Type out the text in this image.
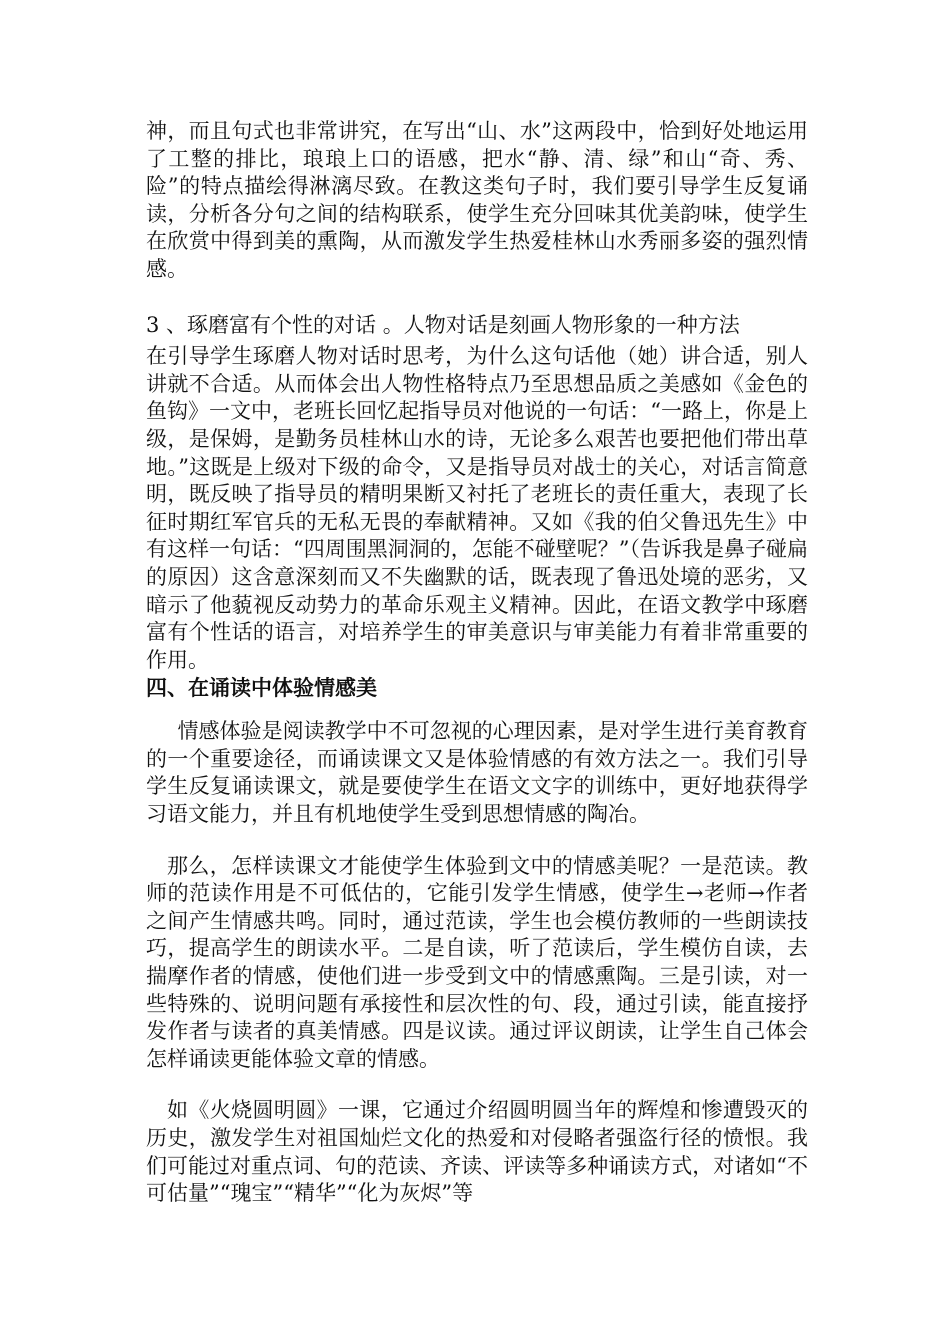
神，而且句式也非常讲究，在写出“山、水”这两段中，恰到好处地运用了工整的排比，琅琅上口的语感，把水“静、清、绿”和山“奇、秀、险”的特点描绘得淋漓尽致。在教这类句子时，我们要引导学生反复诵读，分析各分句之间的结构联系，使学生充分回味其优美韵味，使学生在欣赏中得到美的熏陶，从而激发学生热爱桂林山水秀丽多姿的强烈情感。

3 、琢磨富有个性的对话 。人物对话是刻画人物形象的一种方法

在引导学生琢磨人物对话时思考，为什么这句话他（她）讲合适，别人讲就不合适。从而体会出人物性格特点乃至思想品质之美感如《金色的鱼钩》一文中，老班长回忆起指导员对他说的一句话：“一路上，你是上级，是保姆，是勤务员桂林山水的诗，无论多么艰苦也要把他们带出草地。”这既是上级对下级的命令，又是指导员对战士的关心，对话言简意明，既反映了指导员的精明果断又衬托了老班长的责任重大，表现了长征时期红军官兵的无私无畏的奉献精神。又如《我的伯父鲁迅先生》中有这样一句话：“四周围黑洞洞的，怎能不碰壁呢？”（告诉我是鼻子碰扁的原因）这含意深刻而又不失幽默的话，既表现了鲁迅处境的恶劣，又暗示了他藐视反动势力的革命乐观主义精神。因此，在语文教学中琢磨富有个性话的语言，对培养学生的审美意识与审美能力有着非常重要的作用。

四、在诵读中体验情感美

情感体验是阅读教学中不可忽视的心理因素，是对学生进行美育教育的一个重要途径，而诵读课文又是体验情感的有效方法之一。我们引导学生反复诵读课文，就是要使学生在语文文字的训练中，更好地获得学习语文能力，并且有机地使学生受到思想情感的陶冶。

那么，怎样读课文才能使学生体验到文中的情感美呢？一是范读。教师的范读作用是不可低估的，它能引发学生情感，使学生→老师→作者之间产生情感共鸣。同时，通过范读，学生也会模仿教师的一些朗读技巧，提高学生的朗读水平。二是自读，听了范读后，学生模仿自读，去揣摩作者的情感，使他们进一步受到文中的情感熏陶。三是引读，对一些特殊的、说明问题有承接性和层次性的句、段，通过引读，能直接抒发作者与读者的真美情感。四是议读。通过评议朗读，让学生自己体会怎样诵读更能体验文章的情感。

如《火烧圆明圆》一课，它通过介绍圆明圆当年的辉煌和惨遭毁灭的历史，激发学生对祖国灿烂文化的热爱和对侵略者强盗行径的愤恨。我们可能过对重点词、句的范读、齐读、评读等多种诵读方式，对诸如“不可估量”“瑰宝”“精华”“化为灰烬”等
